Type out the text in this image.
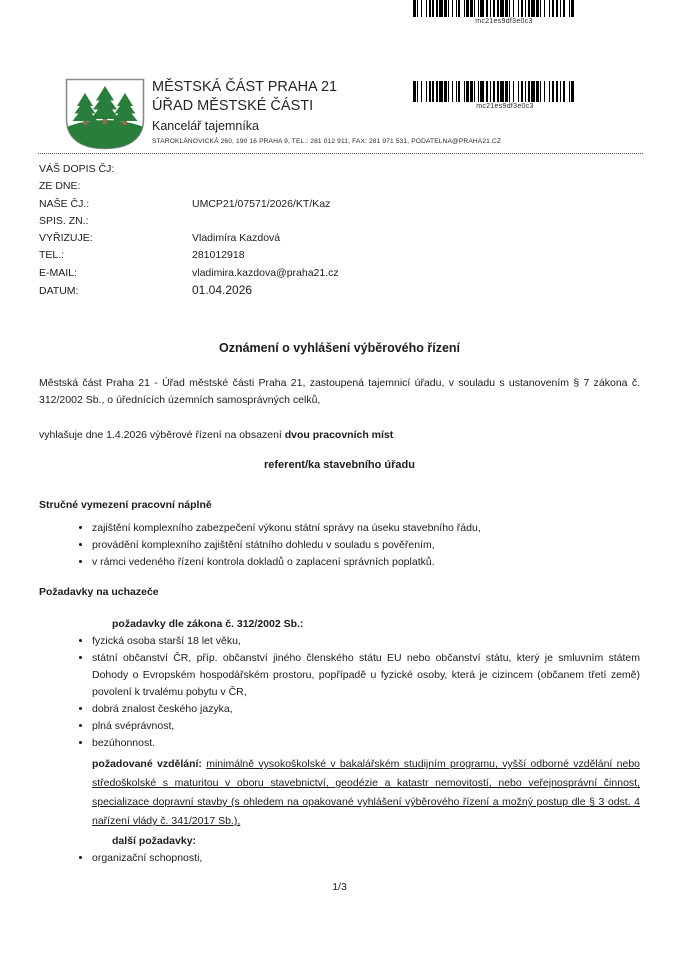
mc21es9df3e0c3
MĚSTSKÁ ČÁST PRAHA 21
ÚŘAD MĚSTSKÉ ČÁSTI
Kancelář tajemníka
STAROKLÁNOVICKÁ 260, 190 16 PRAHA 9, TEL.: 281 012 911, FAX: 281 971 531, PODATELNA@PRAHA21.CZ
mc21es9df3e0c3
VÁŠ DOPIS ČJ:
ZE DNE:
NAŠE ČJ.:	UMCP21/07571/2026/KT/Kaz
SPIS. ZN.:
VYŘIZUJE:	Vladimíra Kazdová
TEL.:	281012918
E-MAIL:	vladimira.kazdova@praha21.cz
DATUM:	01.04.2026
Oznámení o vyhlášení výběrového řízení

Městská část Praha 21 - Úřad městské části Praha 21, zastoupená tajemnicí úřadu, v souladu s ustanovením § 7 zákona č. 312/2002 Sb., o úřednících územních samosprávných celků,

vyhlašuje dne 1.4.2026 výběrové řízení na obsazení dvou pracovních míst

referent/ka stavebního úřadu

Stručné vymezení pracovní náplně
• zajištění komplexního zabezpečení výkonu státní správy na úseku stavebního řádu,
• provádění komplexního zajištění státního dohledu v souladu s pověřením,
• v rámci vedeného řízení kontrola dokladů o zaplacení správních poplatků.
Požadavky na uchazeče
požadavky dle zákona č. 312/2002 Sb.:
• fyzická osoba starší 18 let věku,
• státní občanství ČR, příp. občanství jiného členského státu EU nebo občanství státu, který je smluvním státem Dohody o Evropském hospodářském prostoru, popřípadě u fyzické osoby, která je cizincem (občanem třetí země) povolení k trvalému pobytu v ČR,
• dobrá znalost českého jazyka,
• plná svéprávnost,
• bezúhonnost.

požadované vzdělání: minimálně vysokoškolské v bakalářském studijním programu, vyšší odborné vzdělání nebo středoškolské s maturitou v oboru stavebnictví, geodézie a katastr nemovitostí, nebo veřejnosprávní činnost, specializace dopravní stavby (s ohledem na opakované vyhlášení výběrového řízení a možný postup dle § 3 odst. 4 nařízení vlády č. 341/2017 Sb.),

další požadavky:
• organizační schopnosti,
1/3
